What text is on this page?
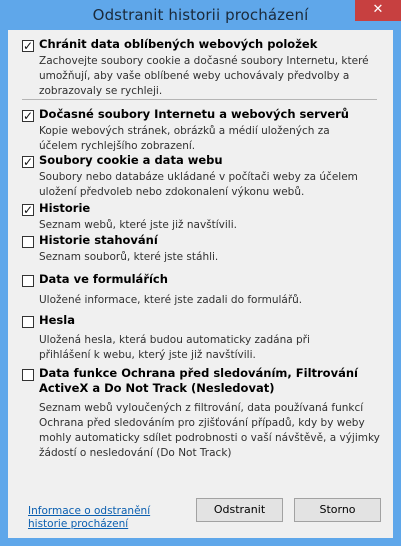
Odstranit historii procházení	✕
✓ Chránit data oblíbených webových položek
Zachovejte soubory cookie a dočasné soubory Internetu, které umožňují, aby vaše oblíbené weby uchovávaly předvolby a zobrazovaly se rychleji.
✓ Dočasné soubory Internetu a webových serverů
Kopie webových stránek, obrázků a médií uložených za účelem rychlejšího zobrazení.
✓ Soubory cookie a data webu
Soubory nebo databáze ukládané v počítači weby za účelem uložení předvoleb nebo zdokonalení výkonu webů.
✓ Historie
Seznam webů, které jste již navštívili.
Historie stahování
Seznam souborů, které jste stáhli.
Data ve formulářích
Uložené informace, které jste zadali do formulářů.
Hesla
Uložená hesla, která budou automaticky zadána při přihlášení k webu, který jste již navštívili.
Data funkce Ochrana před sledováním, Filtrování ActiveX a Do Not Track (Nesledovat)
Seznam webů vyloučených z filtrování, data používaná funkcí Ochrana před sledováním pro zjišťování případů, kdy by weby mohly automaticky sdílet podrobnosti o vaší návštěvě, a výjimky žádostí o nesledování (Do Not Track)
Informace o odstranění historie procházení
Odstranit	Storno
